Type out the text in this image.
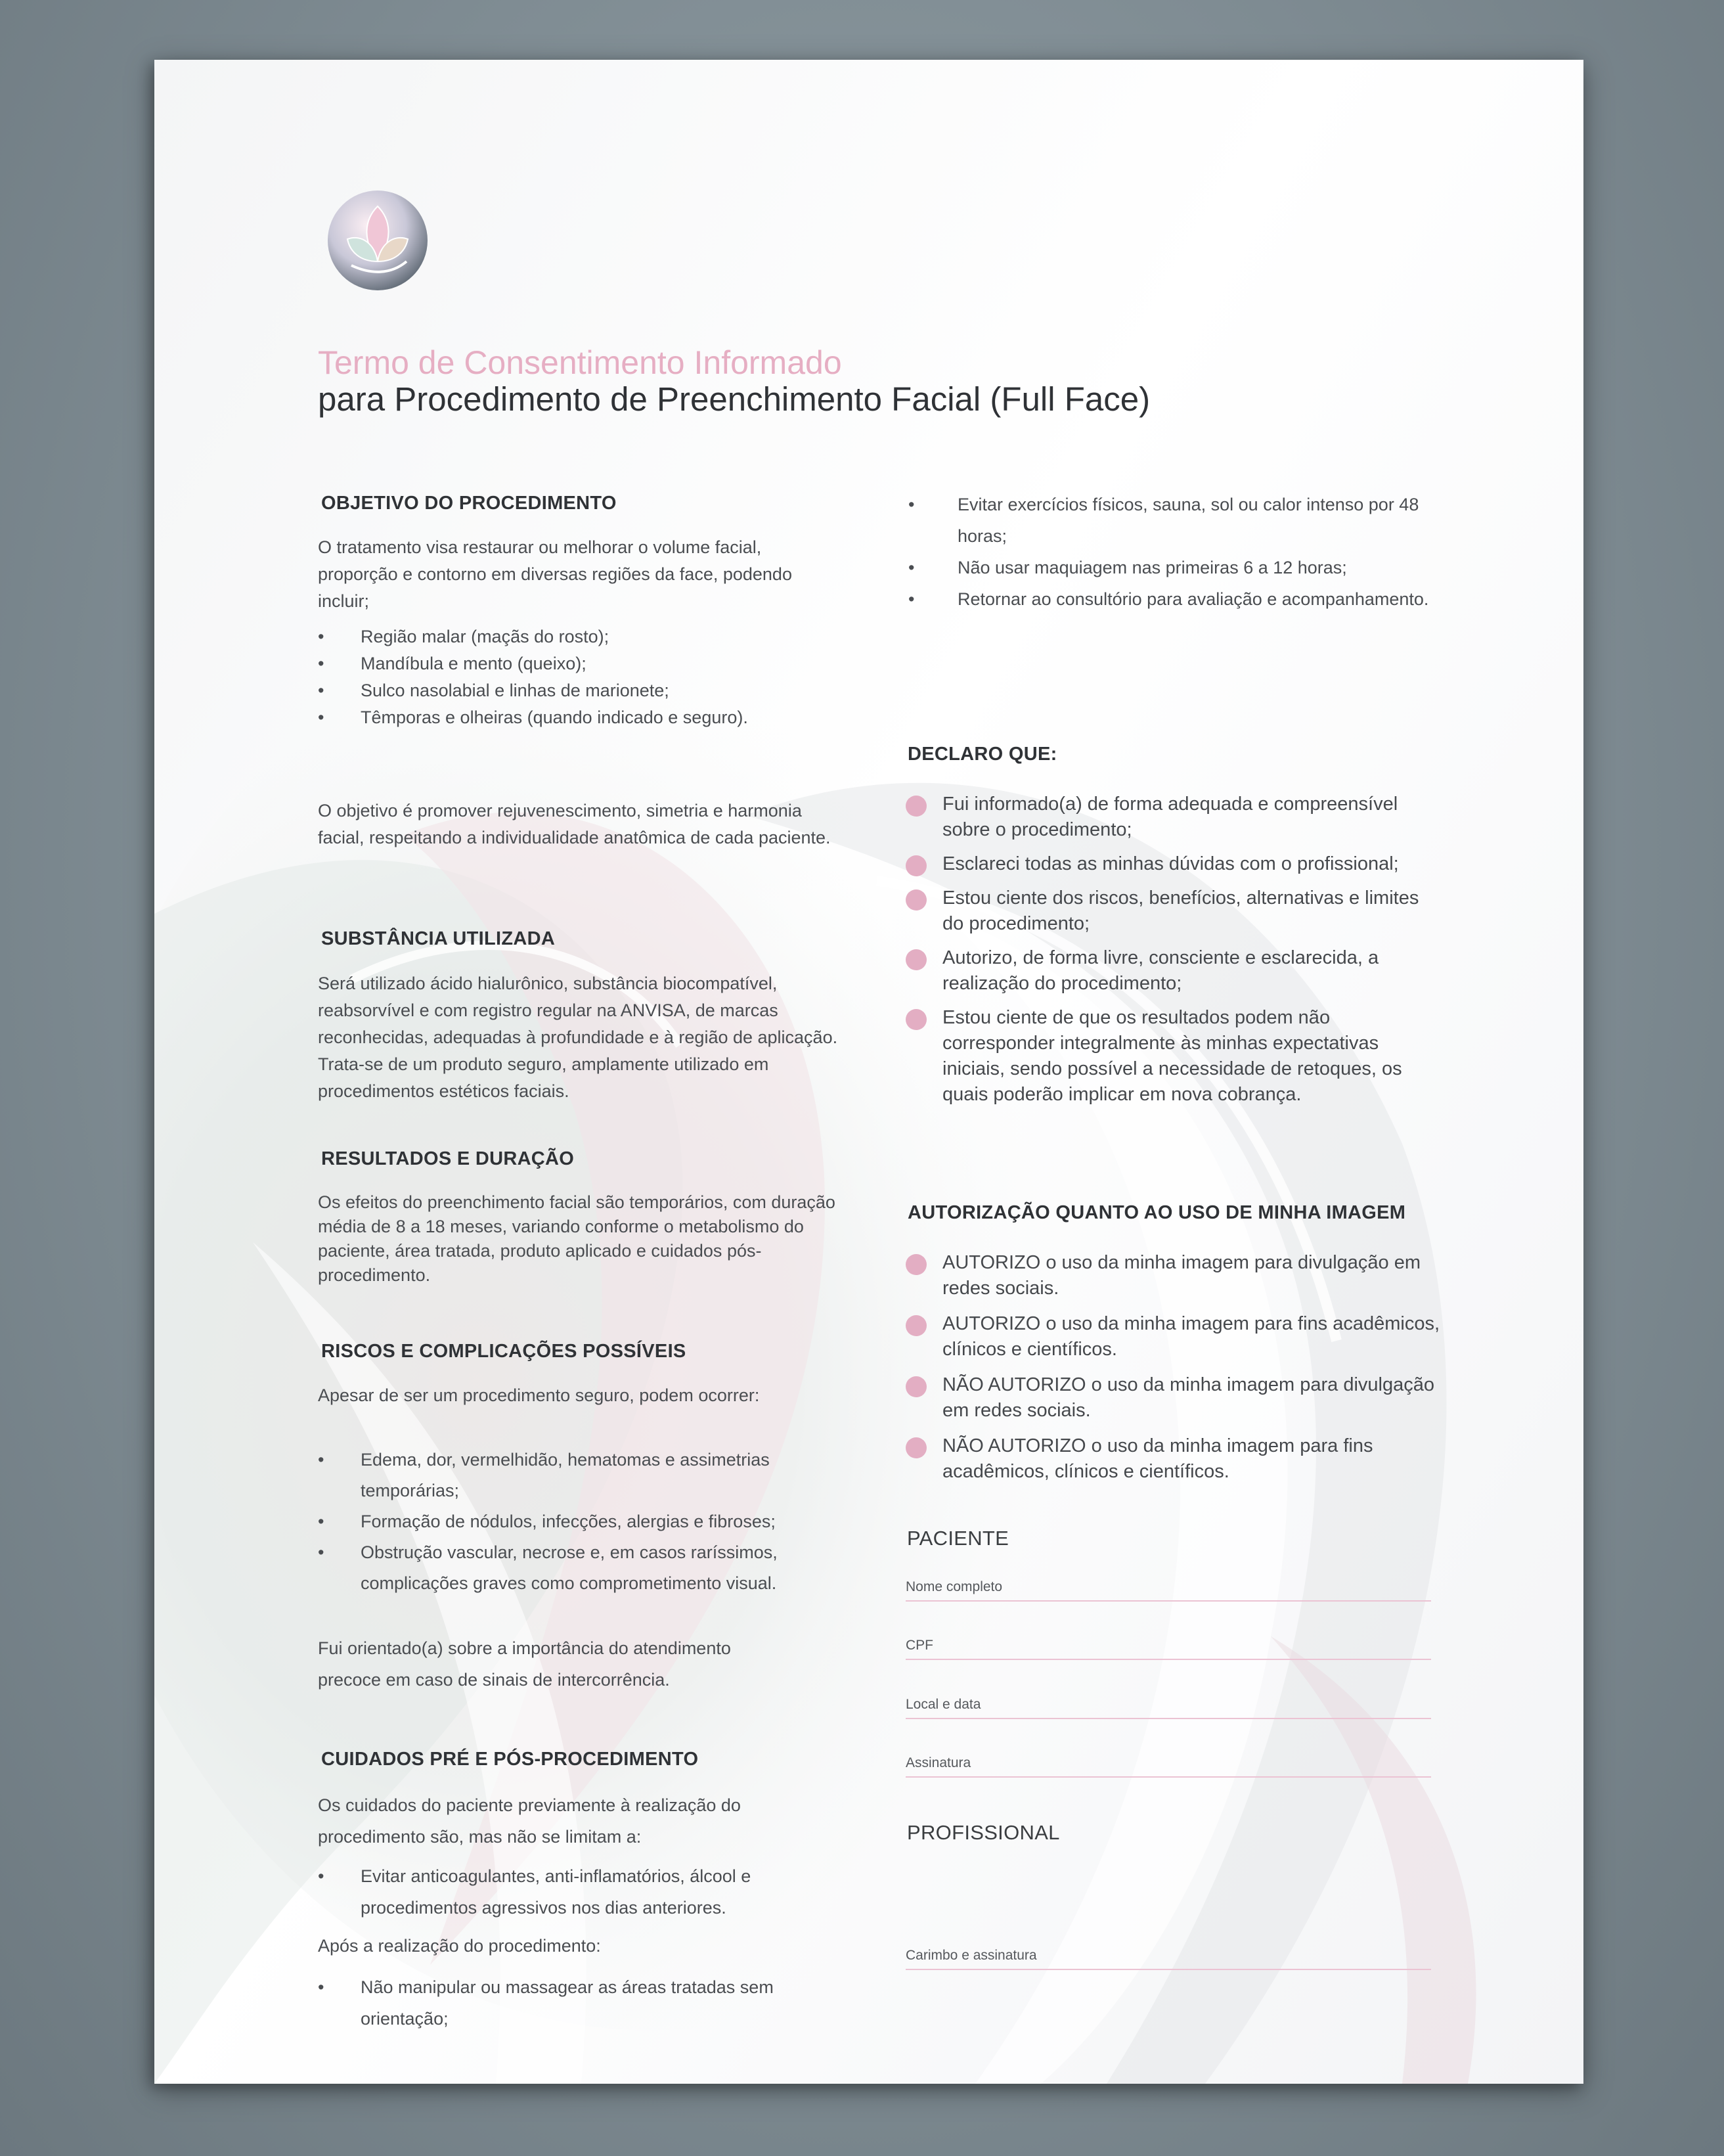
Termo de Consentimento Informado
para Procedimento de Preenchimento Facial (Full Face)
OBJETIVO DO PROCEDIMENTO
O tratamento visa restaurar ou melhorar o volume facial, proporção e contorno em diversas regiões da face, podendo incluir;
• Região malar (maçãs do rosto);
• Mandíbula e mento (queixo);
• Sulco nasolabial e linhas de marionete;
• Têmporas e olheiras (quando indicado e seguro).
O objetivo é promover rejuvenescimento, simetria e harmonia facial, respeitando a individualidade anatômica de cada paciente.
SUBSTÂNCIA UTILIZADA
Será utilizado ácido hialurônico, substância biocompatível, reabsorvível e com registro regular na ANVISA, de marcas reconhecidas, adequadas à profundidade e à região de aplicação. Trata-se de um produto seguro, amplamente utilizado em procedimentos estéticos faciais.
RESULTADOS E DURAÇÃO
Os efeitos do preenchimento facial são temporários, com duração média de 8 a 18 meses, variando conforme o metabolismo do paciente, área tratada, produto aplicado e cuidados pós-procedimento.
RISCOS E COMPLICAÇÕES POSSÍVEIS
Apesar de ser um procedimento seguro, podem ocorrer:
• Edema, dor, vermelhidão, hematomas e assimetrias temporárias;
• Formação de nódulos, infecções, alergias e fibroses;
• Obstrução vascular, necrose e, em casos raríssimos, complicações graves como comprometimento visual.
Fui orientado(a) sobre a importância do atendimento precoce em caso de sinais de intercorrência.
CUIDADOS PRÉ E PÓS-PROCEDIMENTO
Os cuidados do paciente previamente à realização do procedimento são, mas não se limitam a:
• Evitar anticoagulantes, anti-inflamatórios, álcool e procedimentos agressivos nos dias anteriores.
Após a realização do procedimento:
• Não manipular ou massagear as áreas tratadas sem orientação;
• Evitar exercícios físicos, sauna, sol ou calor intenso por 48 horas;
• Não usar maquiagem nas primeiras 6 a 12 horas;
• Retornar ao consultório para avaliação e acompanhamento.
DECLARO QUE:
Fui informado(a) de forma adequada e compreensível sobre o procedimento;
Esclareci todas as minhas dúvidas com o profissional;
Estou ciente dos riscos, benefícios, alternativas e limites do procedimento;
Autorizo, de forma livre, consciente e esclarecida, a realização do procedimento;
Estou ciente de que os resultados podem não corresponder integralmente às minhas expectativas iniciais, sendo possível a necessidade de retoques, os quais poderão implicar em nova cobrança.
AUTORIZAÇÃO QUANTO AO USO DE MINHA IMAGEM
AUTORIZO o uso da minha imagem para divulgação em redes sociais.
AUTORIZO o uso da minha imagem para fins acadêmicos, clínicos e científicos.
NÃO AUTORIZO o uso da minha imagem para divulgação em redes sociais.
NÃO AUTORIZO o uso da minha imagem para fins acadêmicos, clínicos e científicos.
PACIENTE
Nome completo
CPF
Local e data
Assinatura
PROFISSIONAL
Carimbo e assinatura
